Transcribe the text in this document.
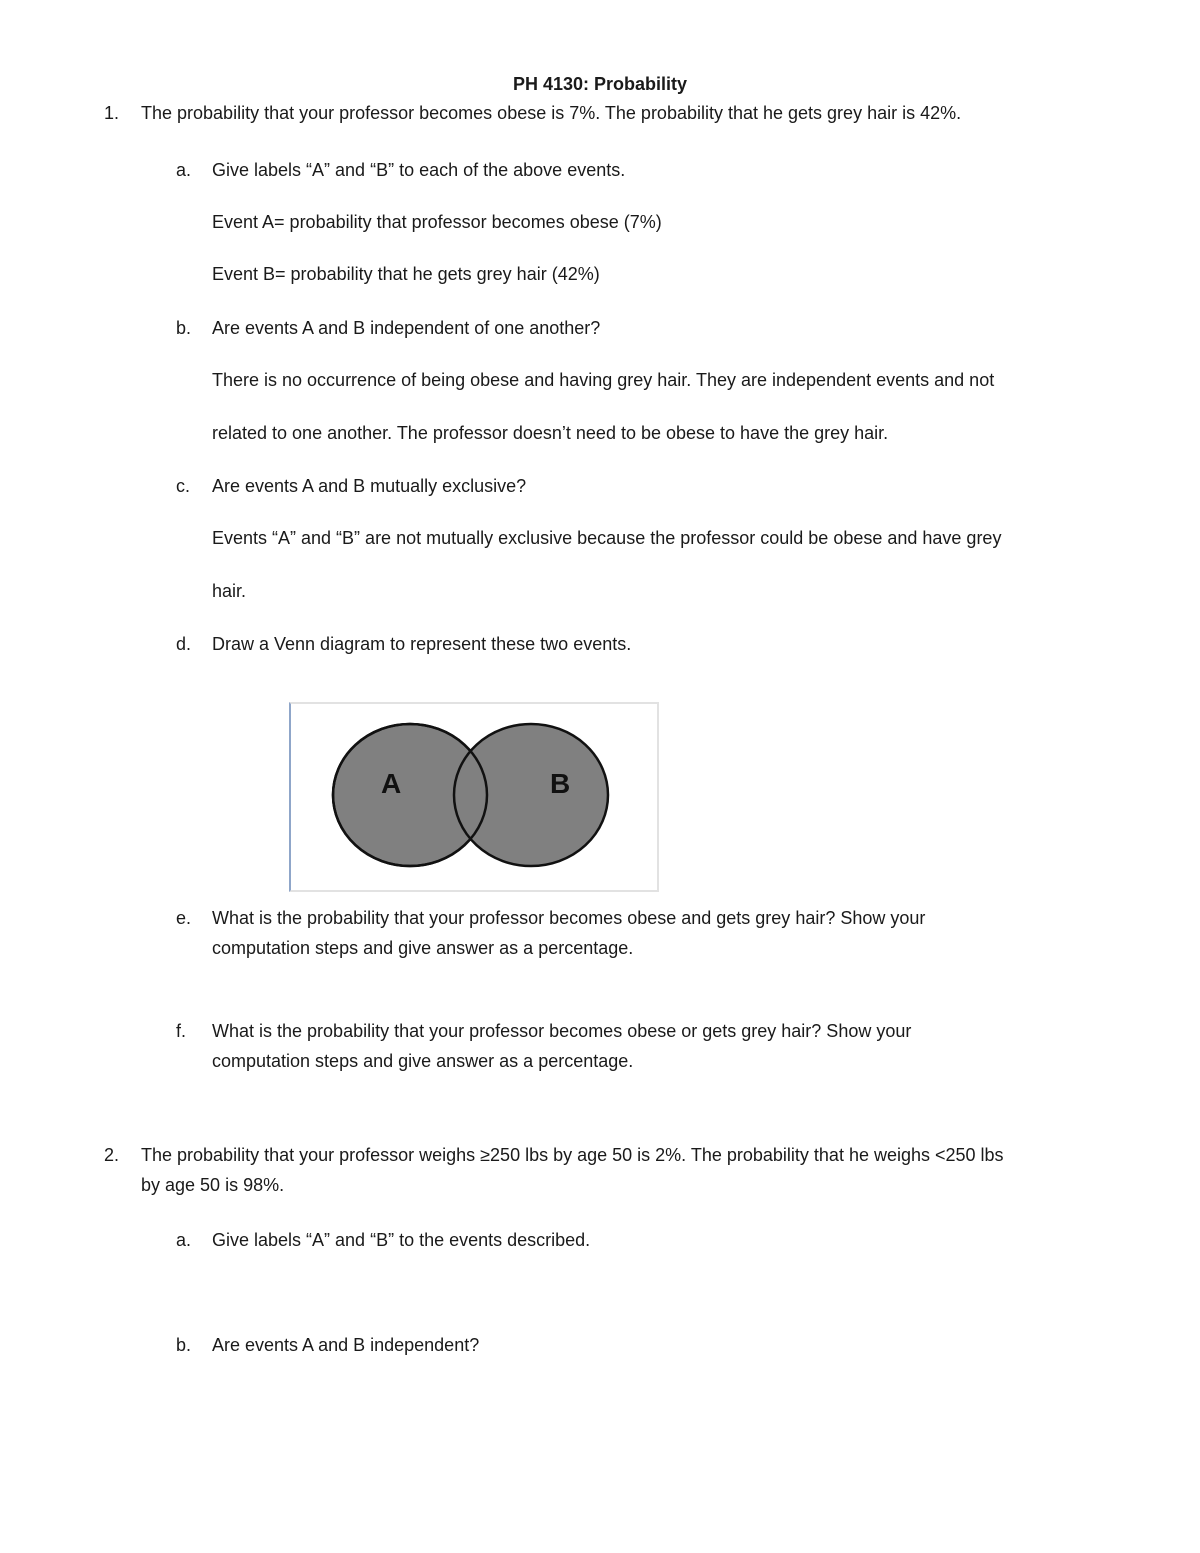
PH 4130: Probability
1. The probability that your professor becomes obese is 7%. The probability that he gets grey hair is 42%.
a. Give labels “A” and “B” to each of the above events.
Event A= probability that professor becomes obese (7%)
Event B= probability that he gets grey hair (42%)
b. Are events A and B independent of one another?
There is no occurrence of being obese and having grey hair. They are independent events and not
related to one another. The professor doesn’t need to be obese to have the grey hair.
c. Are events A and B mutually exclusive?
Events “A” and “B” are not mutually exclusive because the professor could be obese and have grey
hair.
d. Draw a Venn diagram to represent these two events.
A	B
e. What is the probability that your professor becomes obese and gets grey hair? Show your
computation steps and give answer as a percentage.
f. What is the probability that your professor becomes obese or gets grey hair? Show your
computation steps and give answer as a percentage.
2. The probability that your professor weighs ≥250 lbs by age 50 is 2%. The probability that he weighs <250 lbs
by age 50 is 98%.
a. Give labels “A” and “B” to the events described.
b. Are events A and B independent?
